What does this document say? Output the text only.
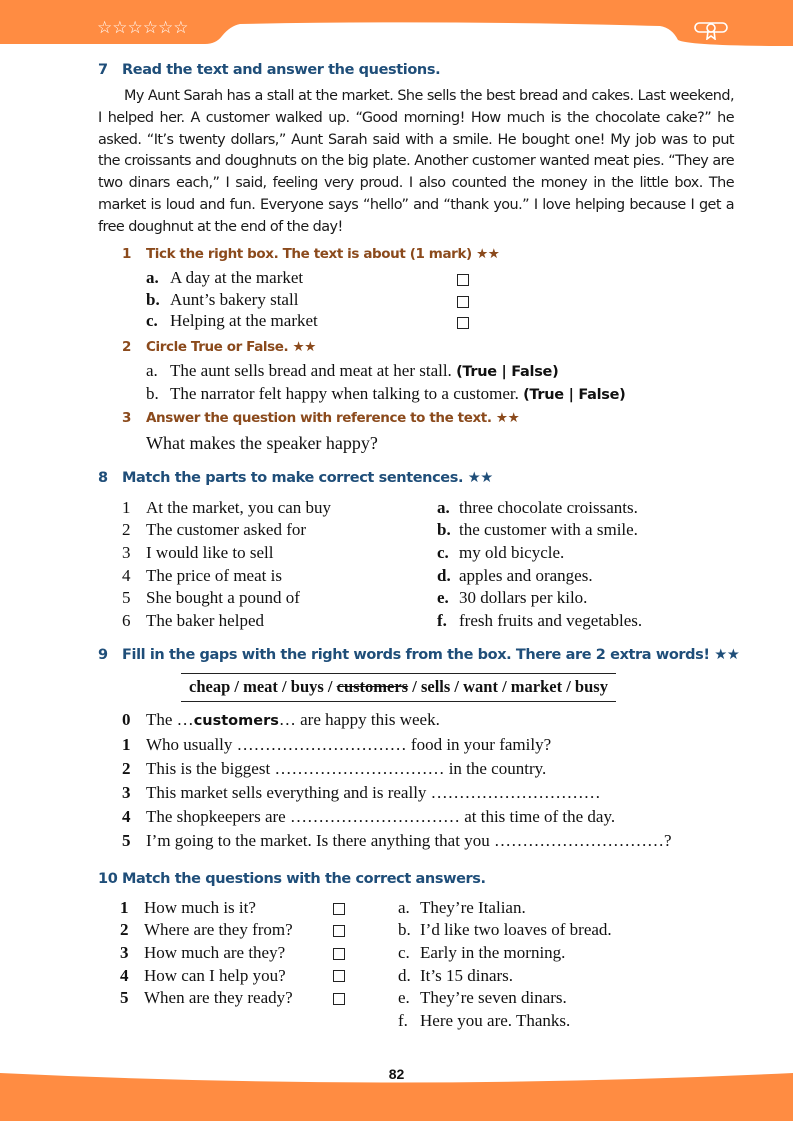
☆☆☆☆☆☆
7 Read the text and answer the questions.
My Aunt Sarah has a stall at the market. She sells the best bread and cakes. Last weekend, I helped her. A customer walked up. “Good morning! How much is the chocolate cake?” he asked. “It’s twenty dollars,” Aunt Sarah said with a smile. He bought one! My job was to put the croissants and doughnuts on the big plate. Another customer wanted meat pies. “They are two dinars each,” I said, feeling very proud. I also counted the money in the little box. The market is loud and fun. Everyone says “hello” and “thank you.” I love helping because I get a free doughnut at the end of the day!
1 Tick the right box. The text is about (1 mark) ★★
a. A day at the market
b. Aunt’s bakery stall
c. Helping at the market
2 Circle True or False. ★★
a. The aunt sells bread and meat at her stall. (True | False)
b. The narrator felt happy when talking to a customer. (True | False)
3 Answer the question with reference to the text. ★★
What makes the speaker happy?
8 Match the parts to make correct sentences. ★★
1 At the market, you can buy
2 The customer asked for
3 I would like to sell
4 The price of meat is
5 She bought a pound of
6 The baker helped
a. three chocolate croissants.
b. the customer with a smile.
c. my old bicycle.
d. apples and oranges.
e. 30 dollars per kilo.
f. fresh fruits and vegetables.
9 Fill in the gaps with the right words from the box. There are 2 extra words! ★★
cheap / meat / buys / customers / sells / want / market / busy
0 The …customers… are happy this week.
1 Who usually ………………………… food in your family?
2 This is the biggest ………………………… in the country.
3 This market sells everything and is really …………………………
4 The shopkeepers are ………………………… at this time of the day.
5 I’m going to the market. Is there anything that you …………………………?
10 Match the questions with the correct answers.
1 How much is it?
2 Where are they from?
3 How much are they?
4 How can I help you?
5 When are they ready?
a. They’re Italian.
b. I’d like two loaves of bread.
c. Early in the morning.
d. It’s 15 dinars.
e. They’re seven dinars.
f. Here you are. Thanks.
82
